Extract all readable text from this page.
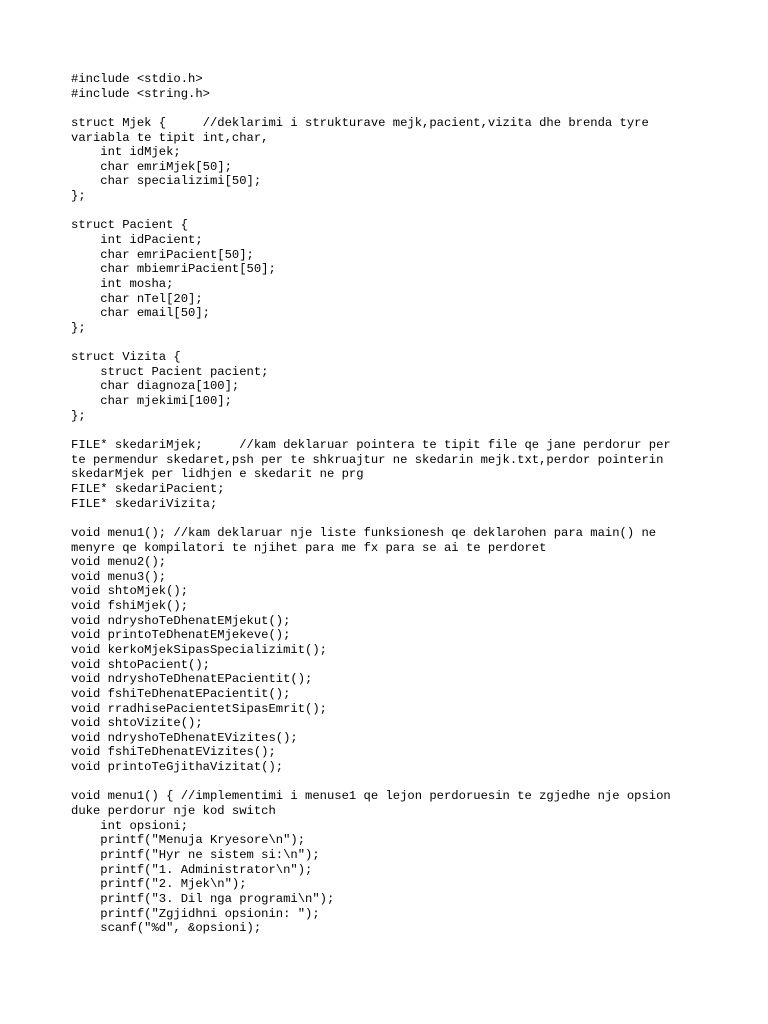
#include <stdio.h>
#include <string.h>
struct Mjek {     //deklarimi i strukturave mejk,pacient,vizita dhe brenda tyre
variabla te tipit int,char,
int idMjek;
char emriMjek[50];
char specializimi[50];
};
struct Pacient {
int idPacient;
char emriPacient[50];
char mbiemriPacient[50];
int mosha;
char nTel[20];
char email[50];
};
struct Vizita {
struct Pacient pacient;
char diagnoza[100];
char mjekimi[100];
};
FILE* skedariMjek;     //kam deklaruar pointera te tipit file qe jane perdorur per
te permendur skedaret,psh per te shkruajtur ne skedarin mejk.txt,perdor pointerin
skedarMjek per lidhjen e skedarit ne prg
FILE* skedariPacient;
FILE* skedariVizita;
void menu1(); //kam deklaruar nje liste funksionesh qe deklarohen para main() ne
menyre qe kompilatori te njihet para me fx para se ai te perdoret
void menu2();
void menu3();
void shtoMjek();
void fshiMjek();
void ndryshoTeDhenatEMjekut();
void printoTeDhenatEMjekeve();
void kerkoMjekSipasSpecializimit();
void shtoPacient();
void ndryshoTeDhenatEPacientit();
void fshiTeDhenatEPacientit();
void rradhisePacientetSipasEmrit();
void shtoVizite();
void ndryshoTeDhenatEVizites();
void fshiTeDhenatEVizites();
void printoTeGjithaVizitat();
void menu1() { //implementimi i menuse1 qe lejon perdoruesin te zgjedhe nje opsion
duke perdorur nje kod switch
int opsioni;
printf("Menuja Kryesore\n");
printf("Hyr ne sistem si:\n");
printf("1. Administrator\n");
printf("2. Mjek\n");
printf("3. Dil nga programi\n");
printf("Zgjidhni opsionin: ");
scanf("%d", &opsioni);
